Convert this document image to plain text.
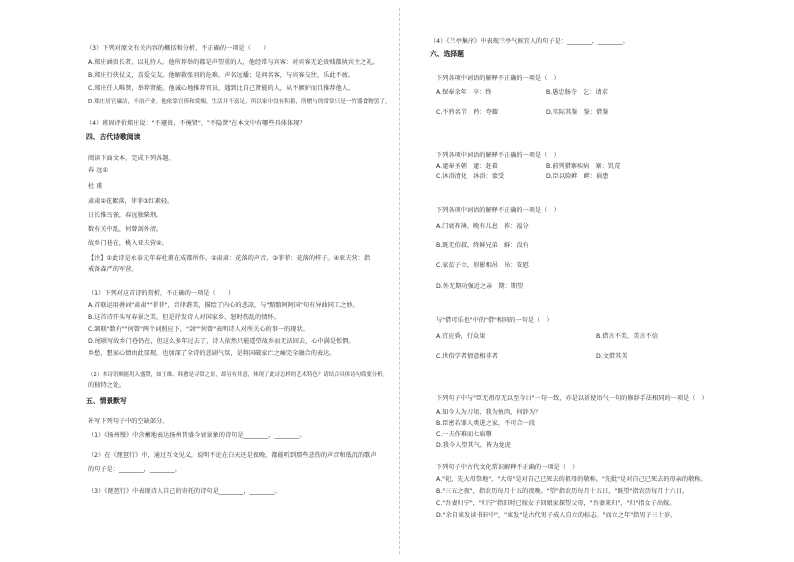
（3）下列对原文有关内容的概括和分析，不正确的一项是（　　）
A.郑庄涵贵长者，以礼待人。他所荐举的都是声望重的人，他经常与宾客：对宾客无论贵贱都执宾主之礼。
B.郑庄行侠仗义，喜爱交友。他解救张羽的危难，声名远播；是问名客，与宾客交往，乐此不疲。
C.郑庄任人唯贤，举荐贤能。他诚心地推荐官员，遇到比自己贤能的人，从不嫉妒而且推荐他人。
D.郑庄居官廉洁，不治产业。他依靠官俸和赏赐，生活并不富足，所以家中没有积蓄，所赠与的常常只是一竹器食物罢了。
（4）班固评价郑庄说："不避贵、不掩贤"，"不隐贤"在本文中有哪些具体体现？
四、古代诗歌阅读
阅读下面文本，完成下列各题。
春 远①
杜 甫
肃肃②花絮落，菲菲③红素轻。
日长惟鸟雀，春远独柴荆。
数有关中乱，何曾剑外清。
故乡门巷在，桃入亚夫营④。
【注】①此诗是永泰元年春杜甫在成都所作。②肃肃：花落的声音。③菲菲：花落的样子。④亚夫营：指
戒备森严的军营。
（1）下列对这首诗的赏析，不正确的一项是（　　）
A.首联运用叠词"肃肃""菲菲"，音律谐美，描绘了内心的悲凉，与"黯黯阿阿国"句有异曲同工之妙。
B.这首诗开头写春景之美，但是抒发诗人对国家乡、怒时伤乱的情怀。
C.颔联"数有""何曾"两个词照应下，"剑""何曾"表明诗人对所关心的事一的现状。
D.尾联写故乡门巷仍在，但这么多年过去了，诗人依然只能遥望故乡而无法回去，心中满是怅惘。
乡愁，想家心情由此显现，也加深了全诗的悲剧气氛，是将国破家亡之痛完全融合的表达。
（2）本诗语颇能用入盛赞，如王维、韩愈是寻常之景，却另有其意，体现了此诗怎样的艺术特色？请结合具体诗句简要分析。
的独特之处。
五、情景默写
补写下列句子中的空缺部分。
（1）《扬州慢》中含蓄地表达扬州昔盛今衰景象的诗句是________，________。
（2）在《琵琶行》中，通过互文见义，说明不论在白天还是夜晚，都能听到那些悲伤的声音和低沉的歌声
的句子是：________，________。
（3）《琵琶行》中表现诗人自己的寄托的诗句是________，________。
（4）《兰亭集序》中表现兰亭气候宜人的句子是：________，________。
六、选择题
下列各项中词语的解释不正确的一项是（　）
A.保奉余年　卒：终	B.愚忠肠寺　乞：请求
C.不矜名节　矜：夸耀	D.实际其鉴　鉴：借鉴
下列各项中词语的解释不正确的一项是（　）
A.逮奉圣朝　逮：赶着	B.前列猎寨疾病　寨：饥荒
C.沐浴清化　沐浴：蒙受	D.臣以险衅　衅：祸患
下列各项中词语的解释不正确的一项是（　）
A.门衰祚薄，晚有儿息　祚：福分
B.既无伯叔，终鲜兄弟　鲜：没有
C.家贫子立，形影相吊　吊：安慰
D.外无期功强近之亲　期：期望
与"借可乐也"中的"借"相同的一句是（　）
A.宜应昏，行众果	B.借言不美，美言不信
C.世俗学者情意相非者	D.文借其美
下列句子中与"臣无祖母无以至今日"一句一致，亦是以祈使语气一句的修辞手法相同的一项是（　）
A.知今人为刀俎，我为鱼肉，何辞为？
B.臣密若罪人类进之家，不可合一段
C.一夫作难而七庙隳
D.我今人望其气，皆为龙虎
下列句子中古代文化常识解释不正确的一项是（　）
A."祀，先大母祭地"，"大母"是对自己已死去的祖母的敬称。"先妣"是对自己已死去的母亲的敬称。
B."三五之夜"，指农历每月十五的夜晚。"望"指农历每月十五日，"既望"指农历每月十六日。
C."吾妻归宁"，"归宁"指旧时已嫁女子回娘家探望父母，"吾妻来归"，"归"指女子出嫁。
D."余自束发读书轩中"，"束发"是古代男子成人自立的标志。"而立之年"指男子三十岁。
